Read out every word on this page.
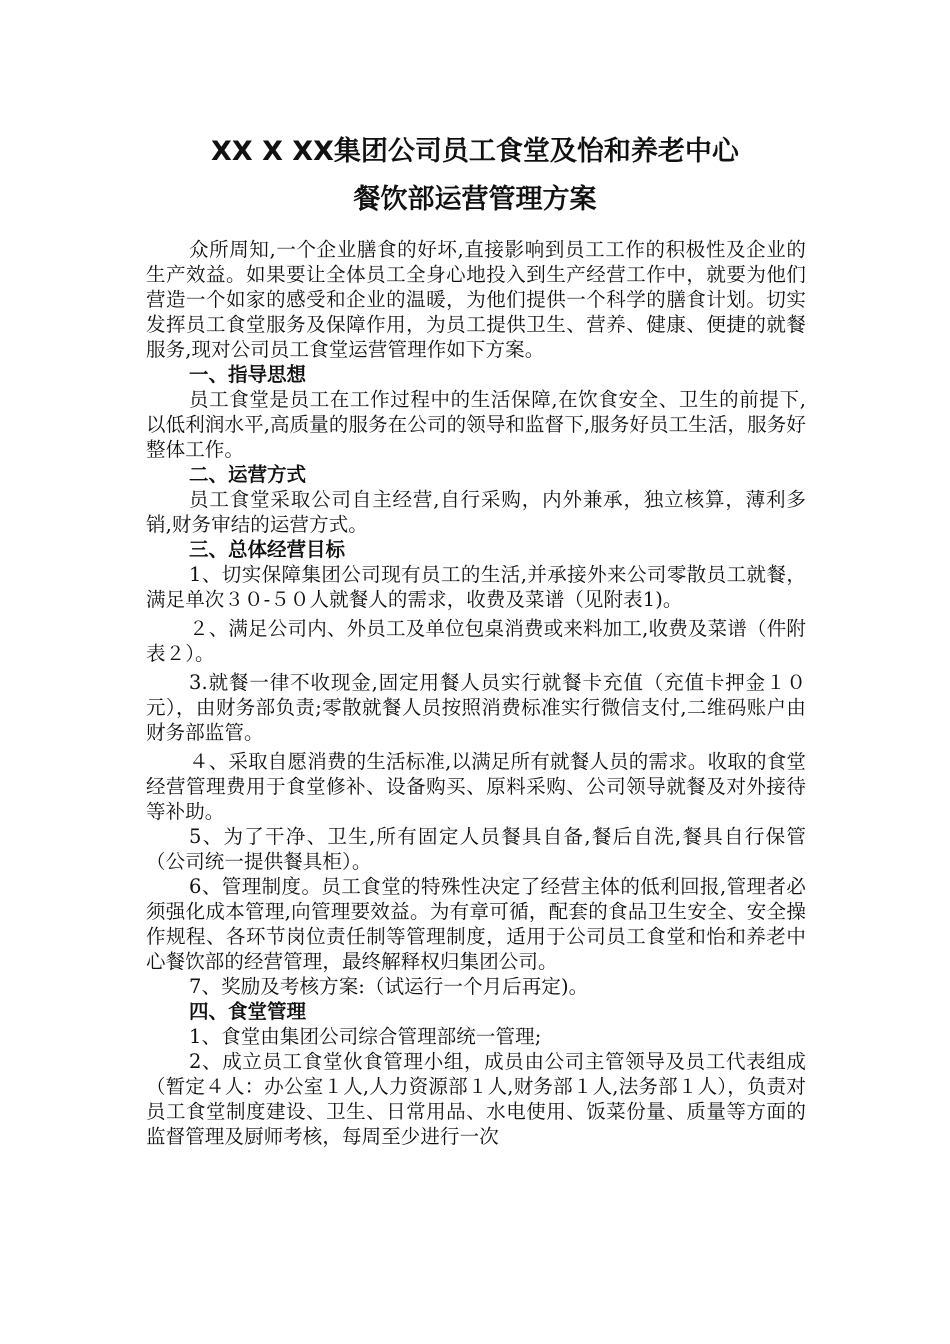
XX X XX集团公司员工食堂及怡和养老中心
餐饮部运营管理方案

众所周知,一个企业膳食的好坏,直接影响到员工工作的积极性及企业的生产效益。如果要让全体员工全身心地投入到生产经营工作中，就要为他们营造一个如家的感受和企业的温暖，为他们提供一个科学的膳食计划。切实发挥员工食堂服务及保障作用，为员工提供卫生、营养、健康、便捷的就餐服务,现对公司员工食堂运营管理作如下方案。

一、指导思想

员工食堂是员工在工作过程中的生活保障,在饮食安全、卫生的前提下,以低利润水平,高质量的服务在公司的领导和监督下,服务好员工生活，服务好整体工作。

二、运营方式

员工食堂采取公司自主经营,自行采购，内外兼承，独立核算，薄利多销,财务审结的运营方式。

三、总体经营目标

1、切实保障集团公司现有员工的生活,并承接外来公司零散员工就餐，满足单次３０-５０人就餐人的需求，收费及菜谱（见附表1)。

２、满足公司内、外员工及单位包桌消费或来料加工,收费及菜谱（件附表２）。

3.就餐一律不收现金,固定用餐人员实行就餐卡充值（充值卡押金１０元），由财务部负责;零散就餐人员按照消费标准实行微信支付,二维码账户由财务部监管。

４、采取自愿消费的生活标准,以满足所有就餐人员的需求。收取的食堂经营管理费用于食堂修补、设备购买、原料采购、公司领导就餐及对外接待等补助。

5、为了干净、卫生,所有固定人员餐具自备,餐后自洗,餐具自行保管（公司统一提供餐具柜）。

6、管理制度。员工食堂的特殊性决定了经营主体的低利回报,管理者必须强化成本管理,向管理要效益。为有章可循，配套的食品卫生安全、安全操作规程、各环节岗位责任制等管理制度，适用于公司员工食堂和怡和养老中心餐饮部的经营管理，最终解释权归集团公司。

7、奖励及考核方案:（试运行一个月后再定)。

四、食堂管理

1、食堂由集团公司综合管理部统一管理;

2、成立员工食堂伙食管理小组，成员由公司主管领导及员工代表组成（暂定４人：办公室１人,人力资源部１人,财务部１人,法务部１人），负责对员工食堂制度建设、卫生、日常用品、水电使用、饭菜份量、质量等方面的监督管理及厨师考核，每周至少进行一次
